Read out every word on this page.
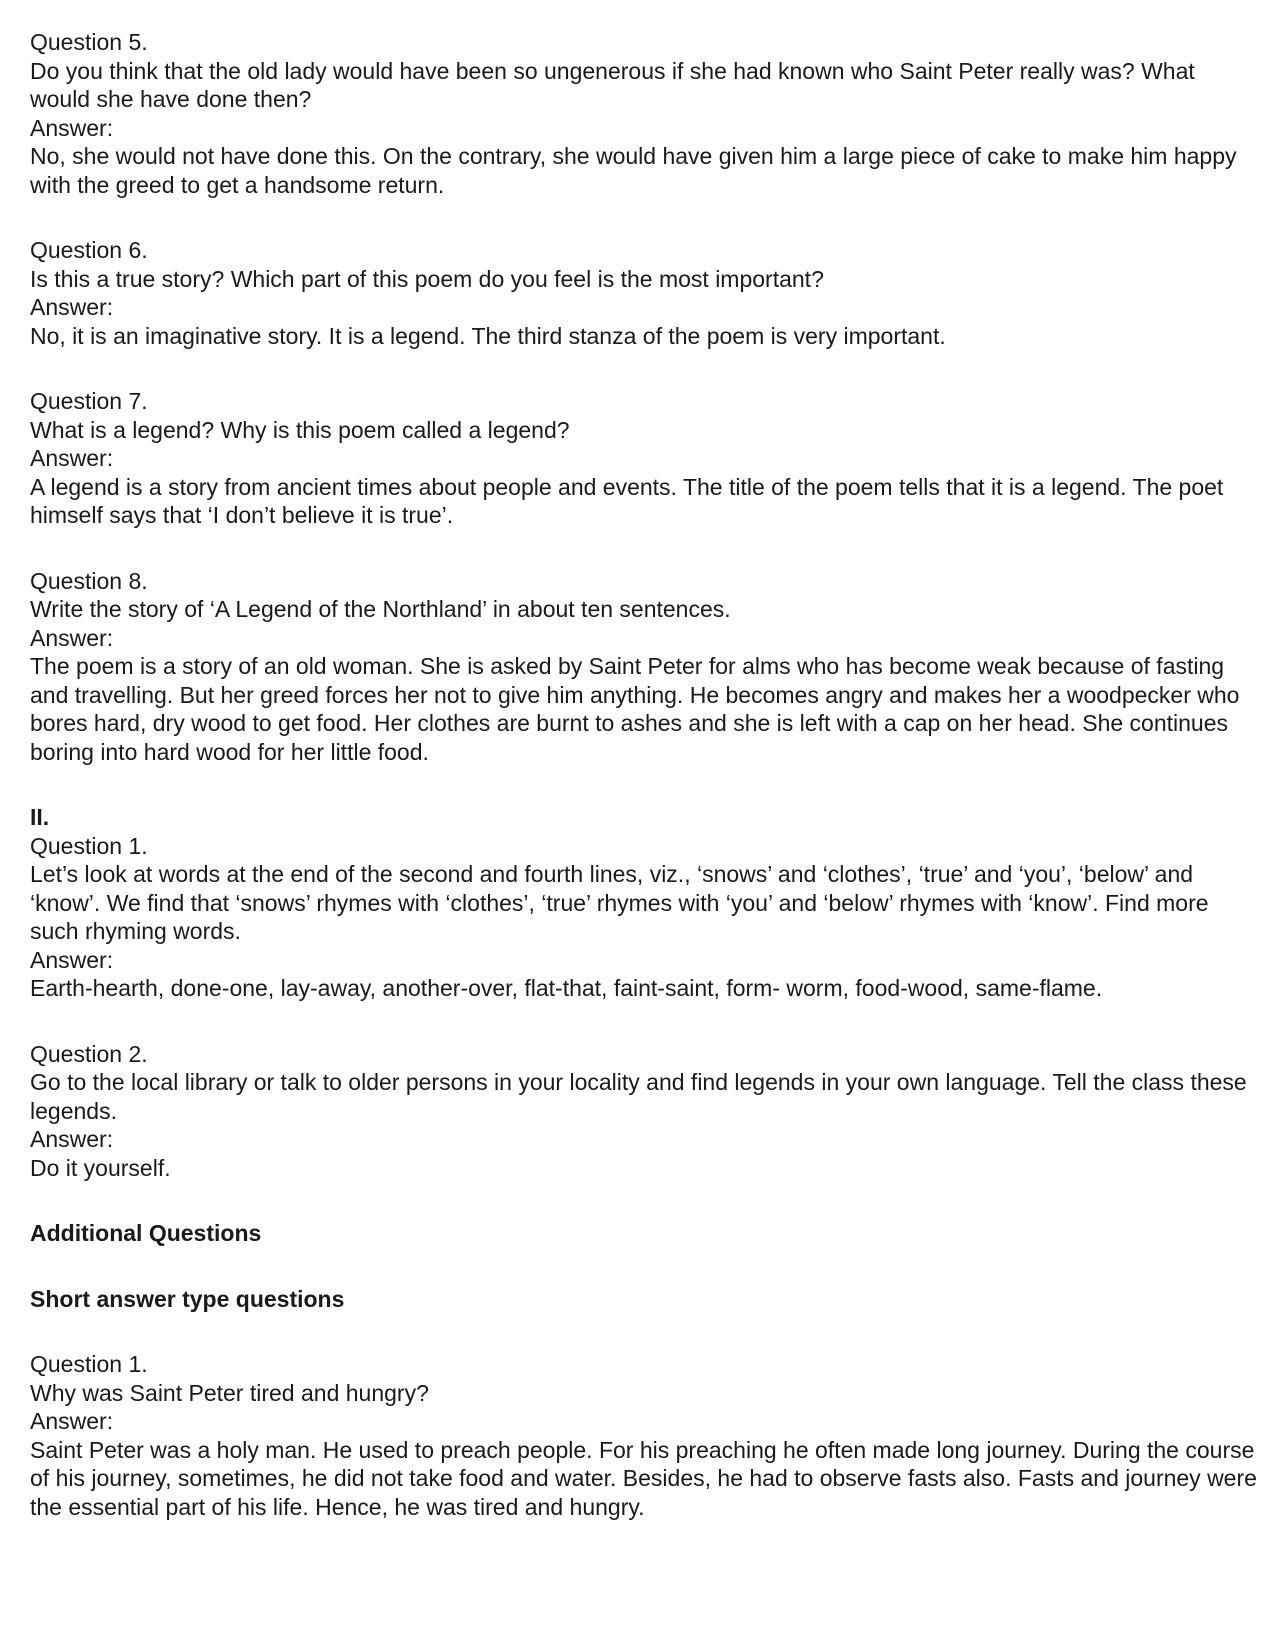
Question 5.
Do you think that the old lady would have been so ungenerous if she had known who Saint Peter really was? What would she have done then?
Answer:
No, she would not have done this. On the contrary, she would have given him a large piece of cake to make him happy with the greed to get a handsome return.
Question 6.
Is this a true story? Which part of this poem do you feel is the most important?
Answer:
No, it is an imaginative story. It is a legend. The third stanza of the poem is very important.
Question 7.
What is a legend? Why is this poem called a legend?
Answer:
A legend is a story from ancient times about people and events. The title of the poem tells that it is a legend. The poet himself says that ‘I don’t believe it is true’.
Question 8.
Write the story of ‘A Legend of the Northland’ in about ten sentences.
Answer:
The poem is a story of an old woman. She is asked by Saint Peter for alms who has become weak because of fasting and travelling. But her greed forces her not to give him anything. He becomes angry and makes her a woodpecker who bores hard, dry wood to get food. Her clothes are burnt to ashes and she is left with a cap on her head. She continues boring into hard wood for her little food.
II.
Question 1.
Let’s look at words at the end of the second and fourth lines, viz., ‘snows’ and ‘clothes’, ‘true’ and ‘you’, ‘below’ and ‘know’. We find that ‘snows’ rhymes with ‘clothes’, ‘true’ rhymes with ‘you’ and ‘below’ rhymes with ‘know’. Find more such rhyming words.
Answer:
Earth-hearth, done-one, lay-away, another-over, flat-that, faint-saint, form- worm, food-wood, same-flame.
Question 2.
Go to the local library or talk to older persons in your locality and find legends in your own language. Tell the class these legends.
Answer:
Do it yourself.
Additional Questions
Short answer type questions
Question 1.
Why was Saint Peter tired and hungry?
Answer:
Saint Peter was a holy man. He used to preach people. For his preaching he often made long journey. During the course of his journey, sometimes, he did not take food and water. Besides, he had to observe fasts also. Fasts and journey were the essential part of his life. Hence, he was tired and hungry.
